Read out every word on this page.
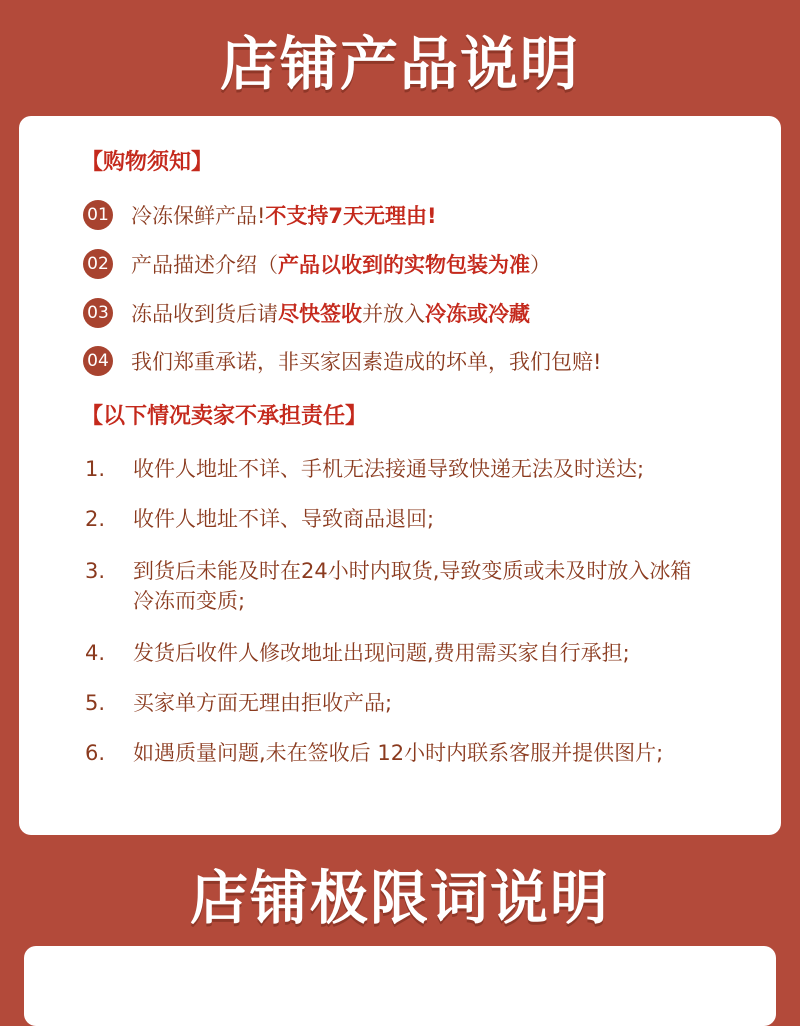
店铺产品说明
【购物须知】
01 冷冻保鲜产品! 不支持7天无理由!
02 产品描述介绍（ 产品以收到的实物包装为准 ）
03 冻品收到货后请 尽快签收 并放入 冷冻或冷藏
04 我们郑重承诺，非买家因素造成的坏单，我们包赔!
【以下情况卖家不承担责任】
1.	收件人地址不详、手机无法接通导致快递无法及时送达;
2.	收件人地址不详、导致商品退回;
3.	到货后未能及时在24小时内取货,导致变质或未及时放入冰箱冷冻而变质;
4.	发货后收件人修改地址出现问题,费用需买家自行承担;
5.	买家单方面无理由拒收产品;
6.	如遇质量问题,未在签收后 12小时内联系客服并提供图片;
店铺极限词说明
